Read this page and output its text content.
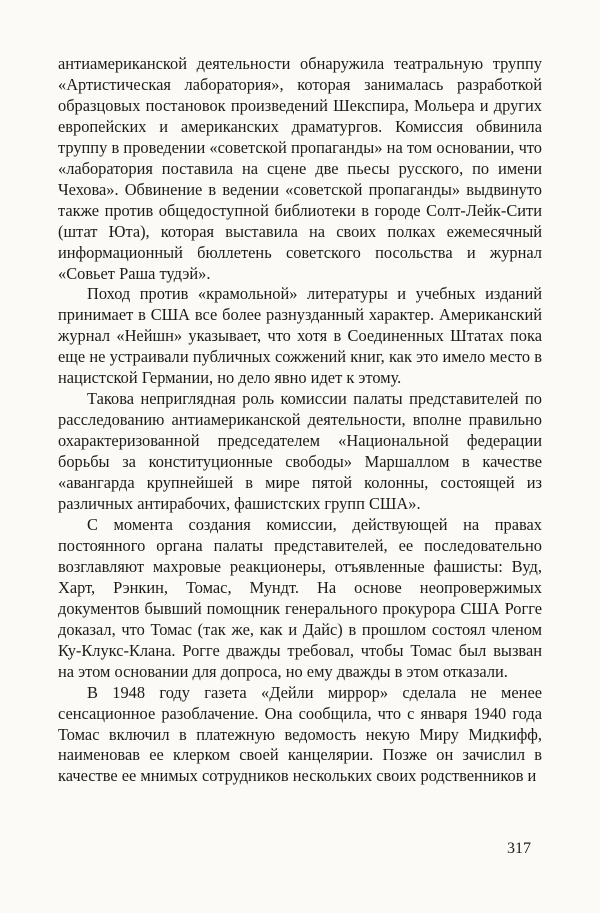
антиамериканской деятельности обнаружила театральную труппу «Артистическая лаборатория», которая занималась разработкой образцовых постановок произведений Шекспира, Мольера и других европейских и американских драматургов. Комиссия обвинила труппу в проведении «советской пропаганды» на том основании, что «лаборатория поставила на сцене две пьесы русского, по имени Чехова». Обвинение в ведении «советской пропаганды» выдвинуто также против общедоступной библиотеки в городе Солт-Лейк-Сити (штат Юта), которая выставила на своих полках ежемесячный информационный бюллетень советского посольства и журнал «Совьет Раша тудэй».

Поход против «крамольной» литературы и учебных изданий принимает в США все более разнузданный характер. Американский журнал «Нейшн» указывает, что хотя в Соединенных Штатах пока еще не устраивали публичных сожжений книг, как это имело место в нацистской Германии, но дело явно идет к этому.

Такова неприглядная роль комиссии палаты представителей по расследованию антиамериканской деятельности, вполне правильно охарактеризованной председателем «Национальной федерации борьбы за конституционные свободы» Маршаллом в качестве «авангарда крупнейшей в мире пятой колонны, состоящей из различных антирабочих, фашистских групп США».

С момента создания комиссии, действующей на правах постоянного органа палаты представителей, ее последовательно возглавляют махровые реакционеры, отъявленные фашисты: Вуд, Харт, Рэнкин, Томас, Мундт. На основе неопровержимых документов бывший помощник генерального прокурора США Рогге доказал, что Томас (так же, как и Дайс) в прошлом состоял членом Ку-Клукс-Клана. Рогге дважды требовал, чтобы Томас был вызван на этом основании для допроса, но ему дважды в этом отказали.

В 1948 году газета «Дейли миррор» сделала не менее сенсационное разоблачение. Она сообщила, что с января 1940 года Томас включил в платежную ведомость некую Миру Мидкифф, наименовав ее клерком своей канцелярии. Позже он зачислил в качестве ее мнимых сотрудников нескольких своих родственников и

317
